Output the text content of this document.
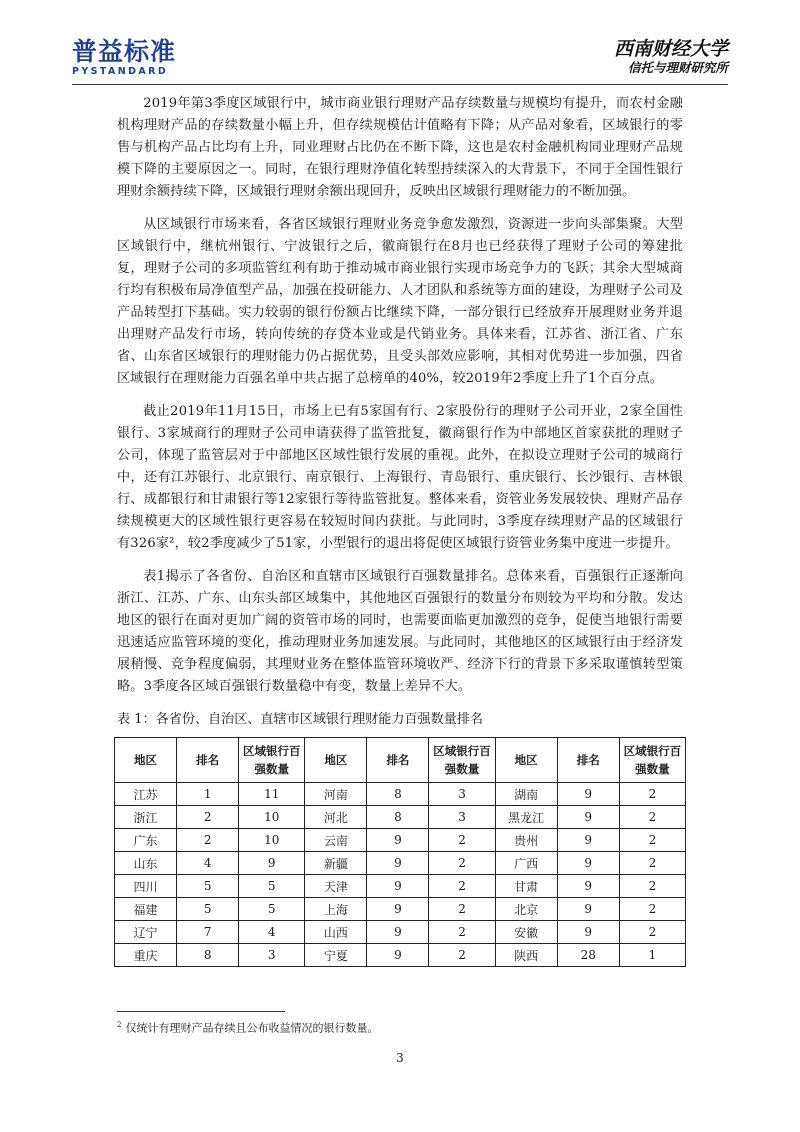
普益标准
PYSTANDARD
西南财经大学
信托与理财研究所

2019年第3季度区域银行中，城市商业银行理财产品存续数量与规模均有提升，而农村金融机构理财产品的存续数量小幅上升，但存续规模估计值略有下降；从产品对象看，区域银行的零售与机构产品占比均有上升，同业理财占比仍在不断下降，这也是农村金融机构同业理财产品规模下降的主要原因之一。同时，在银行理财净值化转型持续深入的大背景下，不同于全国性银行理财余额持续下降，区域银行理财余额出现回升，反映出区域银行理财能力的不断加强。

从区域银行市场来看，各省区域银行理财业务竞争愈发激烈，资源进一步向头部集聚。大型区域银行中，继杭州银行、宁波银行之后，徽商银行在8月也已经获得了理财子公司的筹建批复，理财子公司的多项监管红利有助于推动城市商业银行实现市场竞争力的飞跃；其余大型城商行均有积极布局净值型产品，加强在投研能力、人才团队和系统等方面的建设，为理财子公司及产品转型打下基础。实力较弱的银行份额占比继续下降，一部分银行已经放弃开展理财业务并退出理财产品发行市场，转向传统的存贷本业或是代销业务。具体来看，江苏省、浙江省、广东省、山东省区域银行的理财能力仍占据优势，且受头部效应影响，其相对优势进一步加强，四省区域银行在理财能力百强名单中共占据了总榜单的40%，较2019年2季度上升了1个百分点。

截止2019年11月15日，市场上已有5家国有行、2家股份行的理财子公司开业，2家全国性银行、3家城商行的理财子公司申请获得了监管批复，徽商银行作为中部地区首家获批的理财子公司，体现了监管层对于中部地区区域性银行发展的重视。此外，在拟设立理财子公司的城商行中，还有江苏银行、北京银行、南京银行、上海银行、青岛银行、重庆银行、长沙银行、吉林银行、成都银行和甘肃银行等12家银行等待监管批复。整体来看，资管业务发展较快、理财产品存续规模更大的区域性银行更容易在较短时间内获批。与此同时，3季度存续理财产品的区域银行有326家²，较2季度减少了51家，小型银行的退出将促使区域银行资管业务集中度进一步提升。

表1揭示了各省份、自治区和直辖市区域银行百强数量排名。总体来看，百强银行正逐渐向浙江、江苏、广东、山东头部区域集中，其他地区百强银行的数量分布则较为平均和分散。发达地区的银行在面对更加广阔的资管市场的同时，也需要面临更加激烈的竞争，促使当地银行需要迅速适应监管环境的变化，推动理财业务加速发展。与此同时，其他地区的区域银行由于经济发展稍慢、竞争程度偏弱，其理财业务在整体监管环境收严、经济下行的背景下多采取谨慎转型策略。3季度各区域百强银行数量稳中有变，数量上差异不大。

表 1：各省份、自治区、直辖市区域银行理财能力百强数量排名
地区	排名	区域银行百强数量	地区	排名	区域银行百强数量	地区	排名	区域银行百强数量
江苏	1	11	河南	8	3	湖南	9	2
浙江	2	10	河北	8	3	黑龙江	9	2
广东	2	10	云南	9	2	贵州	9	2
山东	4	9	新疆	9	2	广西	9	2
四川	5	5	天津	9	2	甘肃	9	2
福建	5	5	上海	9	2	北京	9	2
辽宁	7	4	山西	9	2	安徽	9	2
重庆	8	3	宁夏	9	2	陕西	28	1
$^2$ 仅统计有理财产品存续且公布收益情况的银行数量。
3
